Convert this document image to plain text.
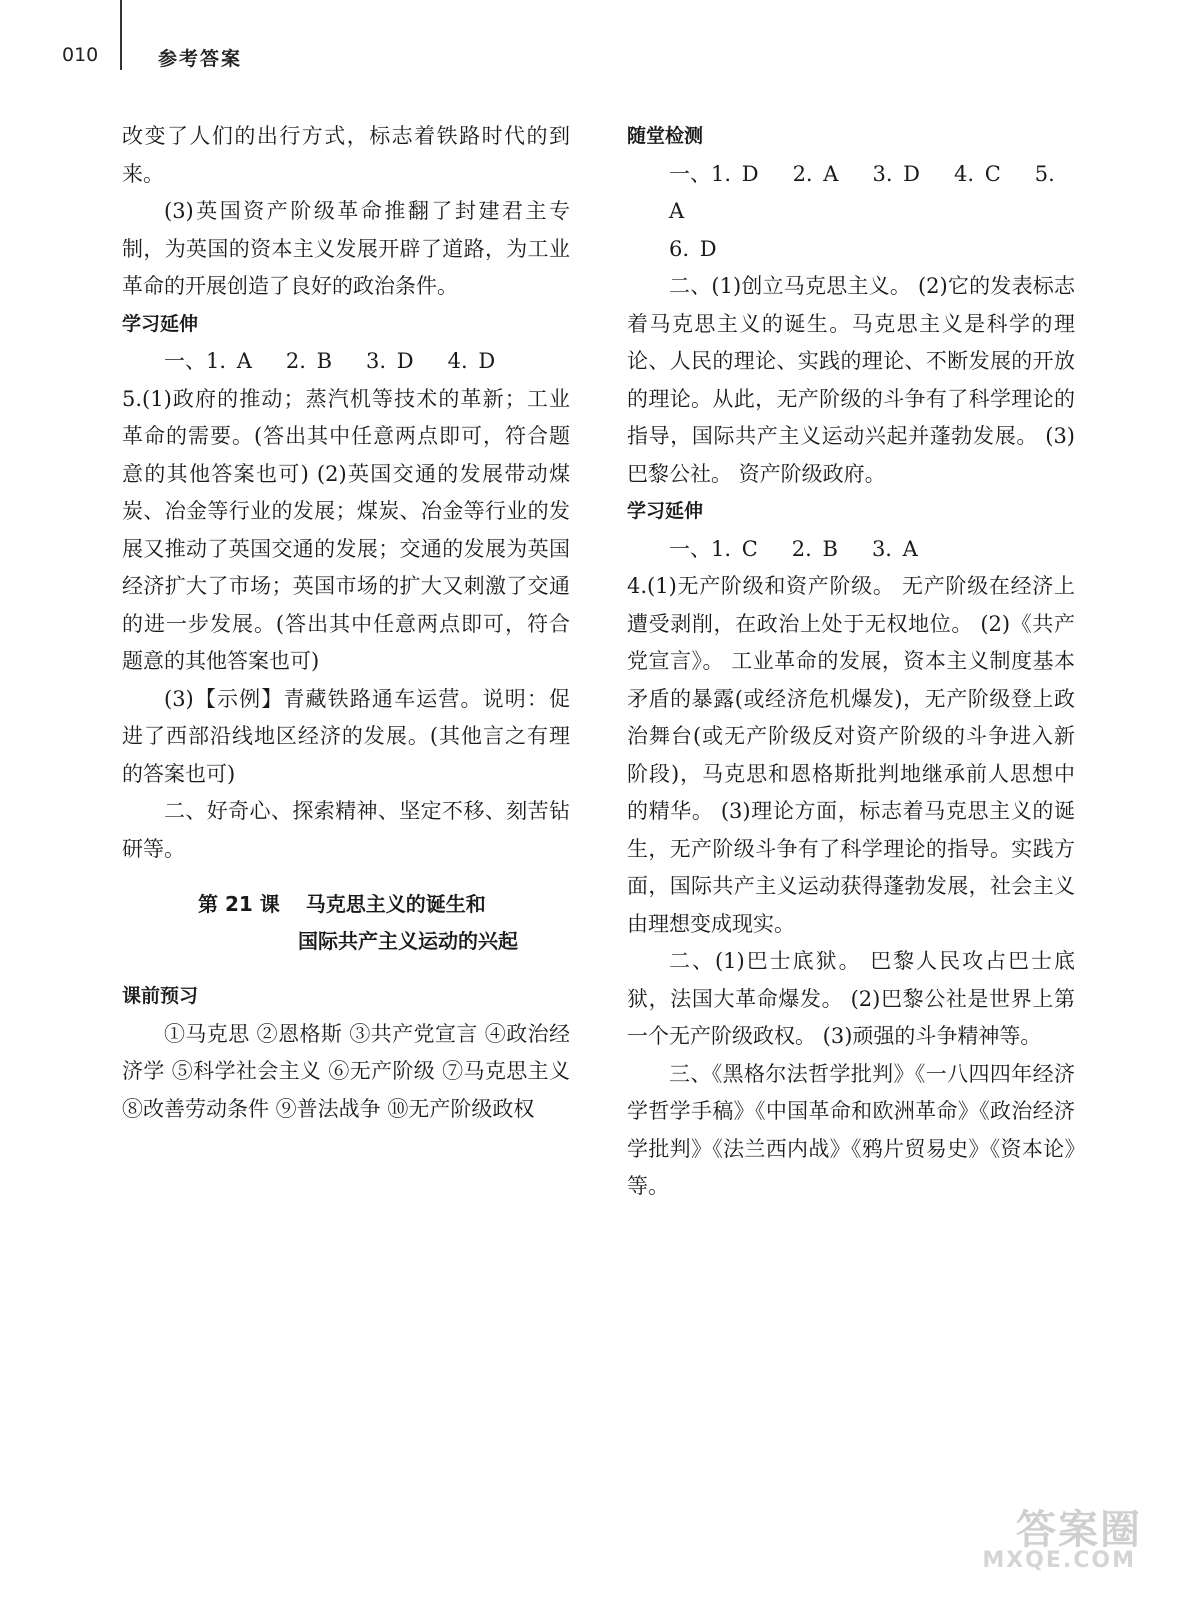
010	参考答案

改变了人们的出行方式，标志着铁路时代的到来。

(3)英国资产阶级革命推翻了封建君主专制，为英国的资本主义发展开辟了道路，为工业革命的开展创造了良好的政治条件。

学习延伸

一、1. A 2. B 3. D 4. D

5.(1)政府的推动；蒸汽机等技术的革新；工业革命的需要。(答出其中任意两点即可，符合题意的其他答案也可) (2)英国交通的发展带动煤炭、冶金等行业的发展；煤炭、冶金等行业的发展又推动了英国交通的发展；交通的发展为英国经济扩大了市场；英国市场的扩大又刺激了交通的进一步发展。(答出其中任意两点即可，符合题意的其他答案也可)

(3)【示例】青藏铁路通车运营。说明：促进了西部沿线地区经济的发展。(其他言之有理的答案也可)

二、好奇心、探索精神、坚定不移、刻苦钻研等。

第 21 课 马克思主义的诞生和
国际共产主义运动的兴起

课前预习

①马克思 ②恩格斯 ③共产党宣言 ④政治经济学 ⑤科学社会主义 ⑥无产阶级 ⑦马克思主义 ⑧改善劳动条件 ⑨普法战争 ⑩无产阶级政权

随堂检测

一、1. D 2. A 3. D 4. C 5. A

6. D

二、(1)创立马克思主义。 (2)它的发表标志着马克思主义的诞生。马克思主义是科学的理论、人民的理论、实践的理论、不断发展的开放的理论。从此，无产阶级的斗争有了科学理论的指导，国际共产主义运动兴起并蓬勃发展。 (3)巴黎公社。 资产阶级政府。

学习延伸

一、1. C 2. B 3. A

4.(1)无产阶级和资产阶级。 无产阶级在经济上遭受剥削，在政治上处于无权地位。 (2)《共产党宣言》。 工业革命的发展，资本主义制度基本矛盾的暴露(或经济危机爆发)，无产阶级登上政治舞台(或无产阶级反对资产阶级的斗争进入新阶段)，马克思和恩格斯批判地继承前人思想中的精华。 (3)理论方面，标志着马克思主义的诞生，无产阶级斗争有了科学理论的指导。实践方面，国际共产主义运动获得蓬勃发展，社会主义由理想变成现实。

二、(1)巴士底狱。 巴黎人民攻占巴士底狱，法国大革命爆发。 (2)巴黎公社是世界上第一个无产阶级政权。 (3)顽强的斗争精神等。

三、《黑格尔法哲学批判》《一八四四年经济学哲学手稿》《中国革命和欧洲革命》《政治经济学批判》《法兰西内战》《鸦片贸易史》《资本论》等。

答案圈
MXQE.COM
